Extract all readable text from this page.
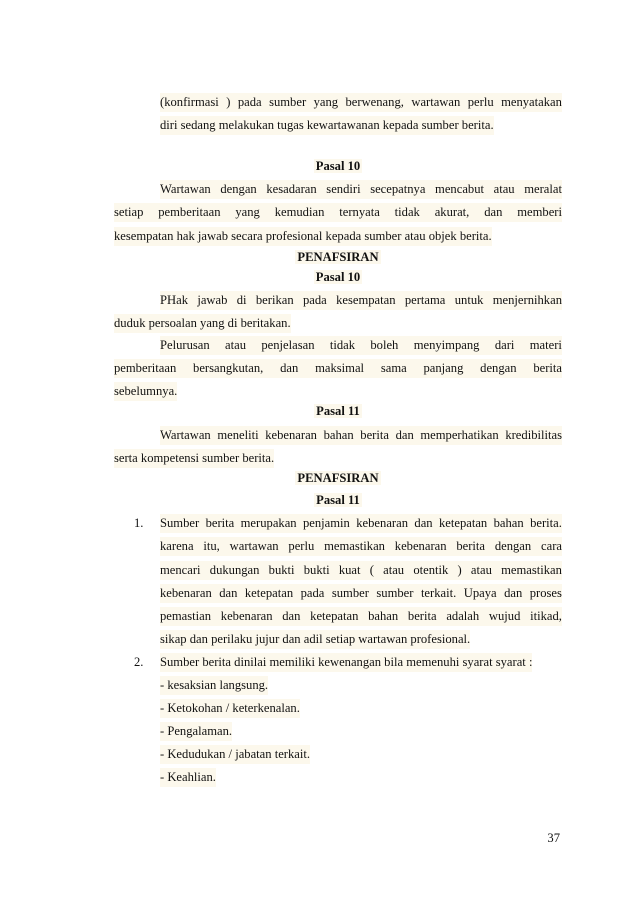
(konfirmasi ) pada sumber yang berwenang, wartawan perlu menyatakan
diri sedang melakukan tugas kewartawanan kepada sumber berita.
Pasal 10
Wartawan dengan kesadaran sendiri secepatnya mencabut atau meralat
setiap pemberitaan yang kemudian ternyata tidak akurat, dan memberi
kesempatan hak jawab secara profesional kepada sumber atau objek berita.
PENAFSIRAN
Pasal 10
PHak jawab di berikan pada kesempatan pertama untuk menjernihkan
duduk persoalan yang di beritakan.
Pelurusan atau penjelasan tidak boleh menyimpang dari materi
pemberitaan bersangkutan, dan maksimal sama panjang dengan berita
sebelumnya.
Pasal 11
Wartawan meneliti kebenaran bahan berita dan memperhatikan kredibilitas
serta kompetensi sumber berita.
PENAFSIRAN
Pasal 11
1. Sumber berita merupakan penjamin kebenaran dan ketepatan bahan berita.
karena itu, wartawan perlu memastikan kebenaran berita dengan cara
mencari dukungan bukti bukti kuat ( atau otentik ) atau memastikan
kebenaran dan ketepatan pada sumber sumber terkait. Upaya dan proses
pemastian kebenaran dan ketepatan bahan berita adalah wujud itikad,
sikap dan perilaku jujur dan adil setiap wartawan profesional.
2. Sumber berita dinilai memiliki kewenangan bila memenuhi syarat syarat :
- kesaksian langsung.
- Ketokohan / keterkenalan.
- Pengalaman.
- Kedudukan / jabatan terkait.
- Keahlian.
37
